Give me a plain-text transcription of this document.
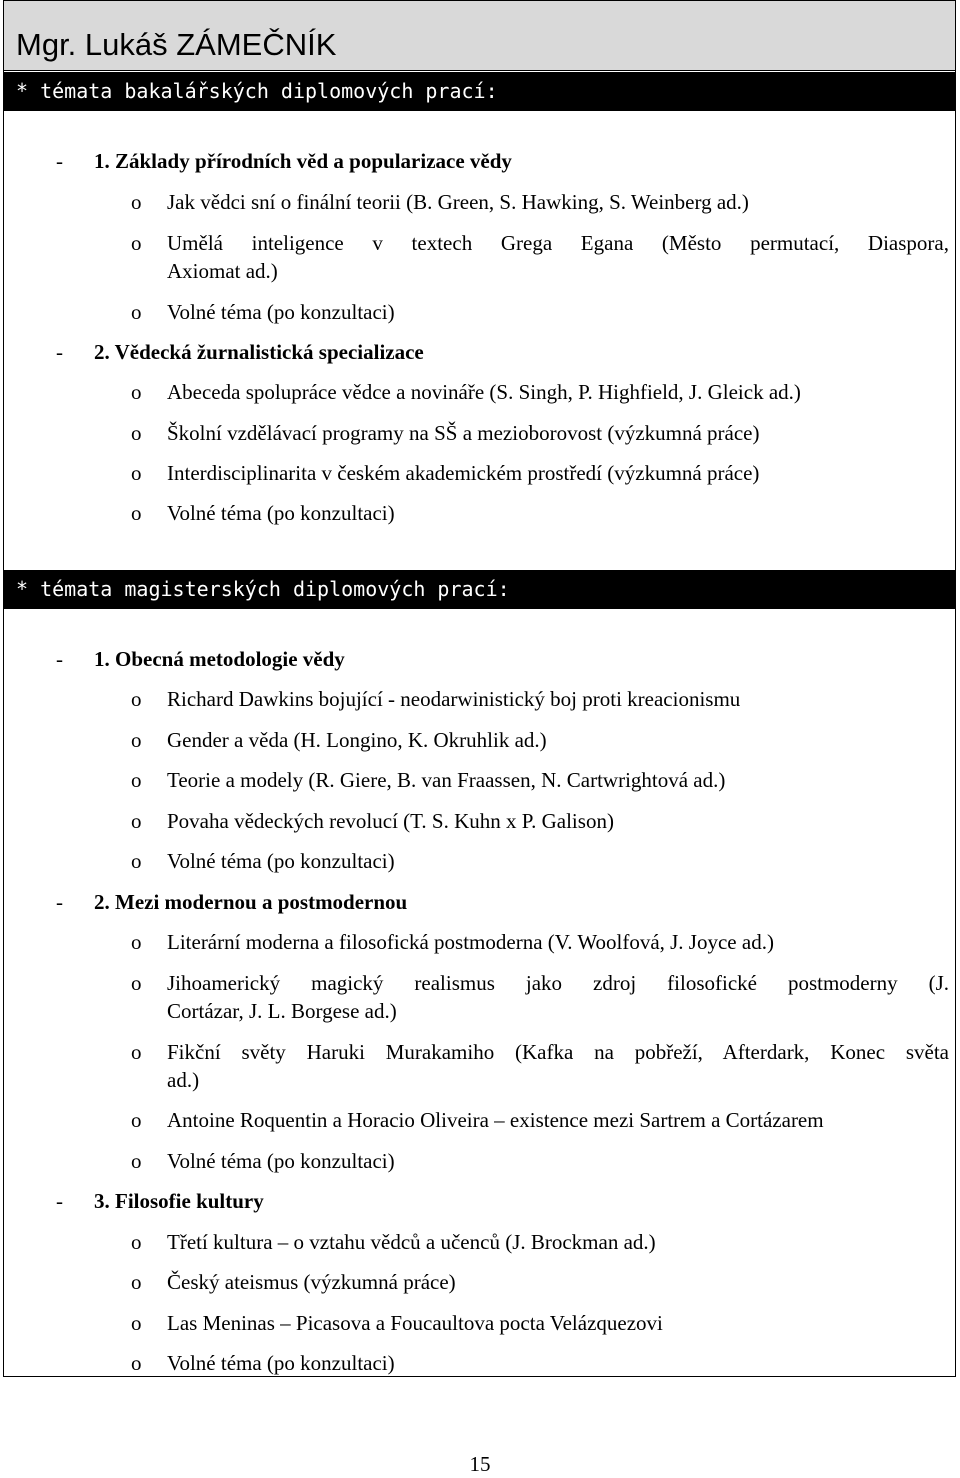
Mgr. Lukáš ZÁMEČNÍK
* témata bakalářských diplomových prací:
- 1. Základy přírodních věd a popularizace vědy
o Jak vědci sní o finální teorii (B. Green, S. Hawking, S. Weinberg ad.)
o Umělá inteligence v textech Grega Egana (Město permutací, Diaspora,
Axiomat ad.)
o Volné téma (po konzultaci)
- 2. Vědecká žurnalistická specializace
o Abeceda spolupráce vědce a novináře (S. Singh, P. Highfield, J. Gleick ad.)
o Školní vzdělávací programy na SŠ a mezioborovost (výzkumná práce)
o Interdisciplinarita v českém akademickém prostředí (výzkumná práce)
o Volné téma (po konzultaci)
* témata magisterských diplomových prací:
- 1. Obecná metodologie vědy
o Richard Dawkins bojující - neodarwinistický boj proti kreacionismu
o Gender a věda (H. Longino, K. Okruhlik ad.)
o Teorie a modely (R. Giere, B. van Fraassen, N. Cartwrightová ad.)
o Povaha vědeckých revolucí (T. S. Kuhn x P. Galison)
o Volné téma (po konzultaci)
- 2. Mezi modernou a postmodernou
o Literární moderna a filosofická postmoderna (V. Woolfová, J. Joyce ad.)
o Jihoamerický magický realismus jako zdroj filosofické postmoderny (J.
Cortázar, J. L. Borgese ad.)
o Fikční světy Haruki Murakamiho (Kafka na pobřeží, Afterdark, Konec světa
ad.)
o Antoine Roquentin a Horacio Oliveira – existence mezi Sartrem a Cortázarem
o Volné téma (po konzultaci)
- 3. Filosofie kultury
o Třetí kultura – o vztahu vědců a učenců (J. Brockman ad.)
o Český ateismus (výzkumná práce)
o Las Meninas – Picasova a Foucaultova pocta Velázquezovi
o Volné téma (po konzultaci)
15
